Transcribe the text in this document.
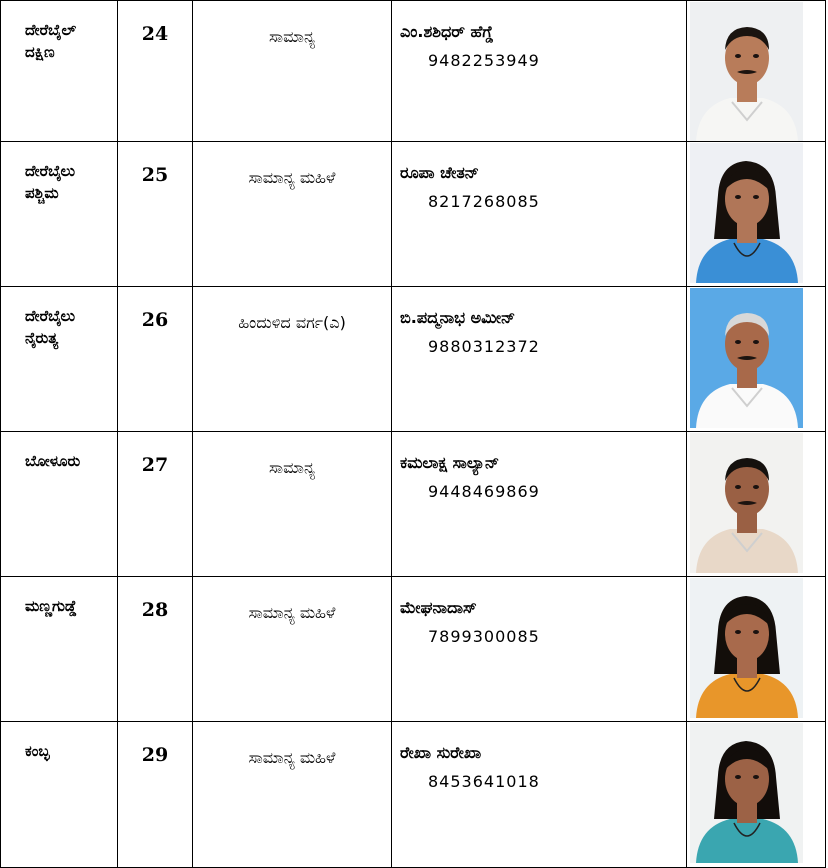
ದೇರೆಬೈಲ್
ದಕ್ಷಿಣ	24	ಸಾಮಾನ್ಯ	ಎಂ.ಶಶಿಧರ್ ಹೆಗ್ಡೆ
9482253949

ದೇರೆಬೈಲು
ಪಶ್ಚಿಮ	25	ಸಾಮಾನ್ಯ ಮಹಿಳೆ	ರೂಪಾ ಚೇತನ್
8217268085

ದೇರೆಬೈಲು
ನೈರುತ್ಯ	26	ಹಿಂದುಳಿದ ವರ್ಗ(ಎ)	ಬಿ.ಪದ್ಮನಾಭ ಅಮೀನ್
9880312372

ಬೋಳೂರು	27	ಸಾಮಾನ್ಯ	ಕಮಲಾಕ್ಷ ಸಾಲ್ಯಾನ್
9448469869

ಮಣ್ಣಗುಡ್ಡೆ	28	ಸಾಮಾನ್ಯ ಮಹಿಳೆ	ಮೇಘನಾದಾಸ್
7899300085

ಕಂಬ್ಳ	29	ಸಾಮಾನ್ಯ ಮಹಿಳೆ	ರೇಖಾ ಸುರೇಖಾ
8453641018
